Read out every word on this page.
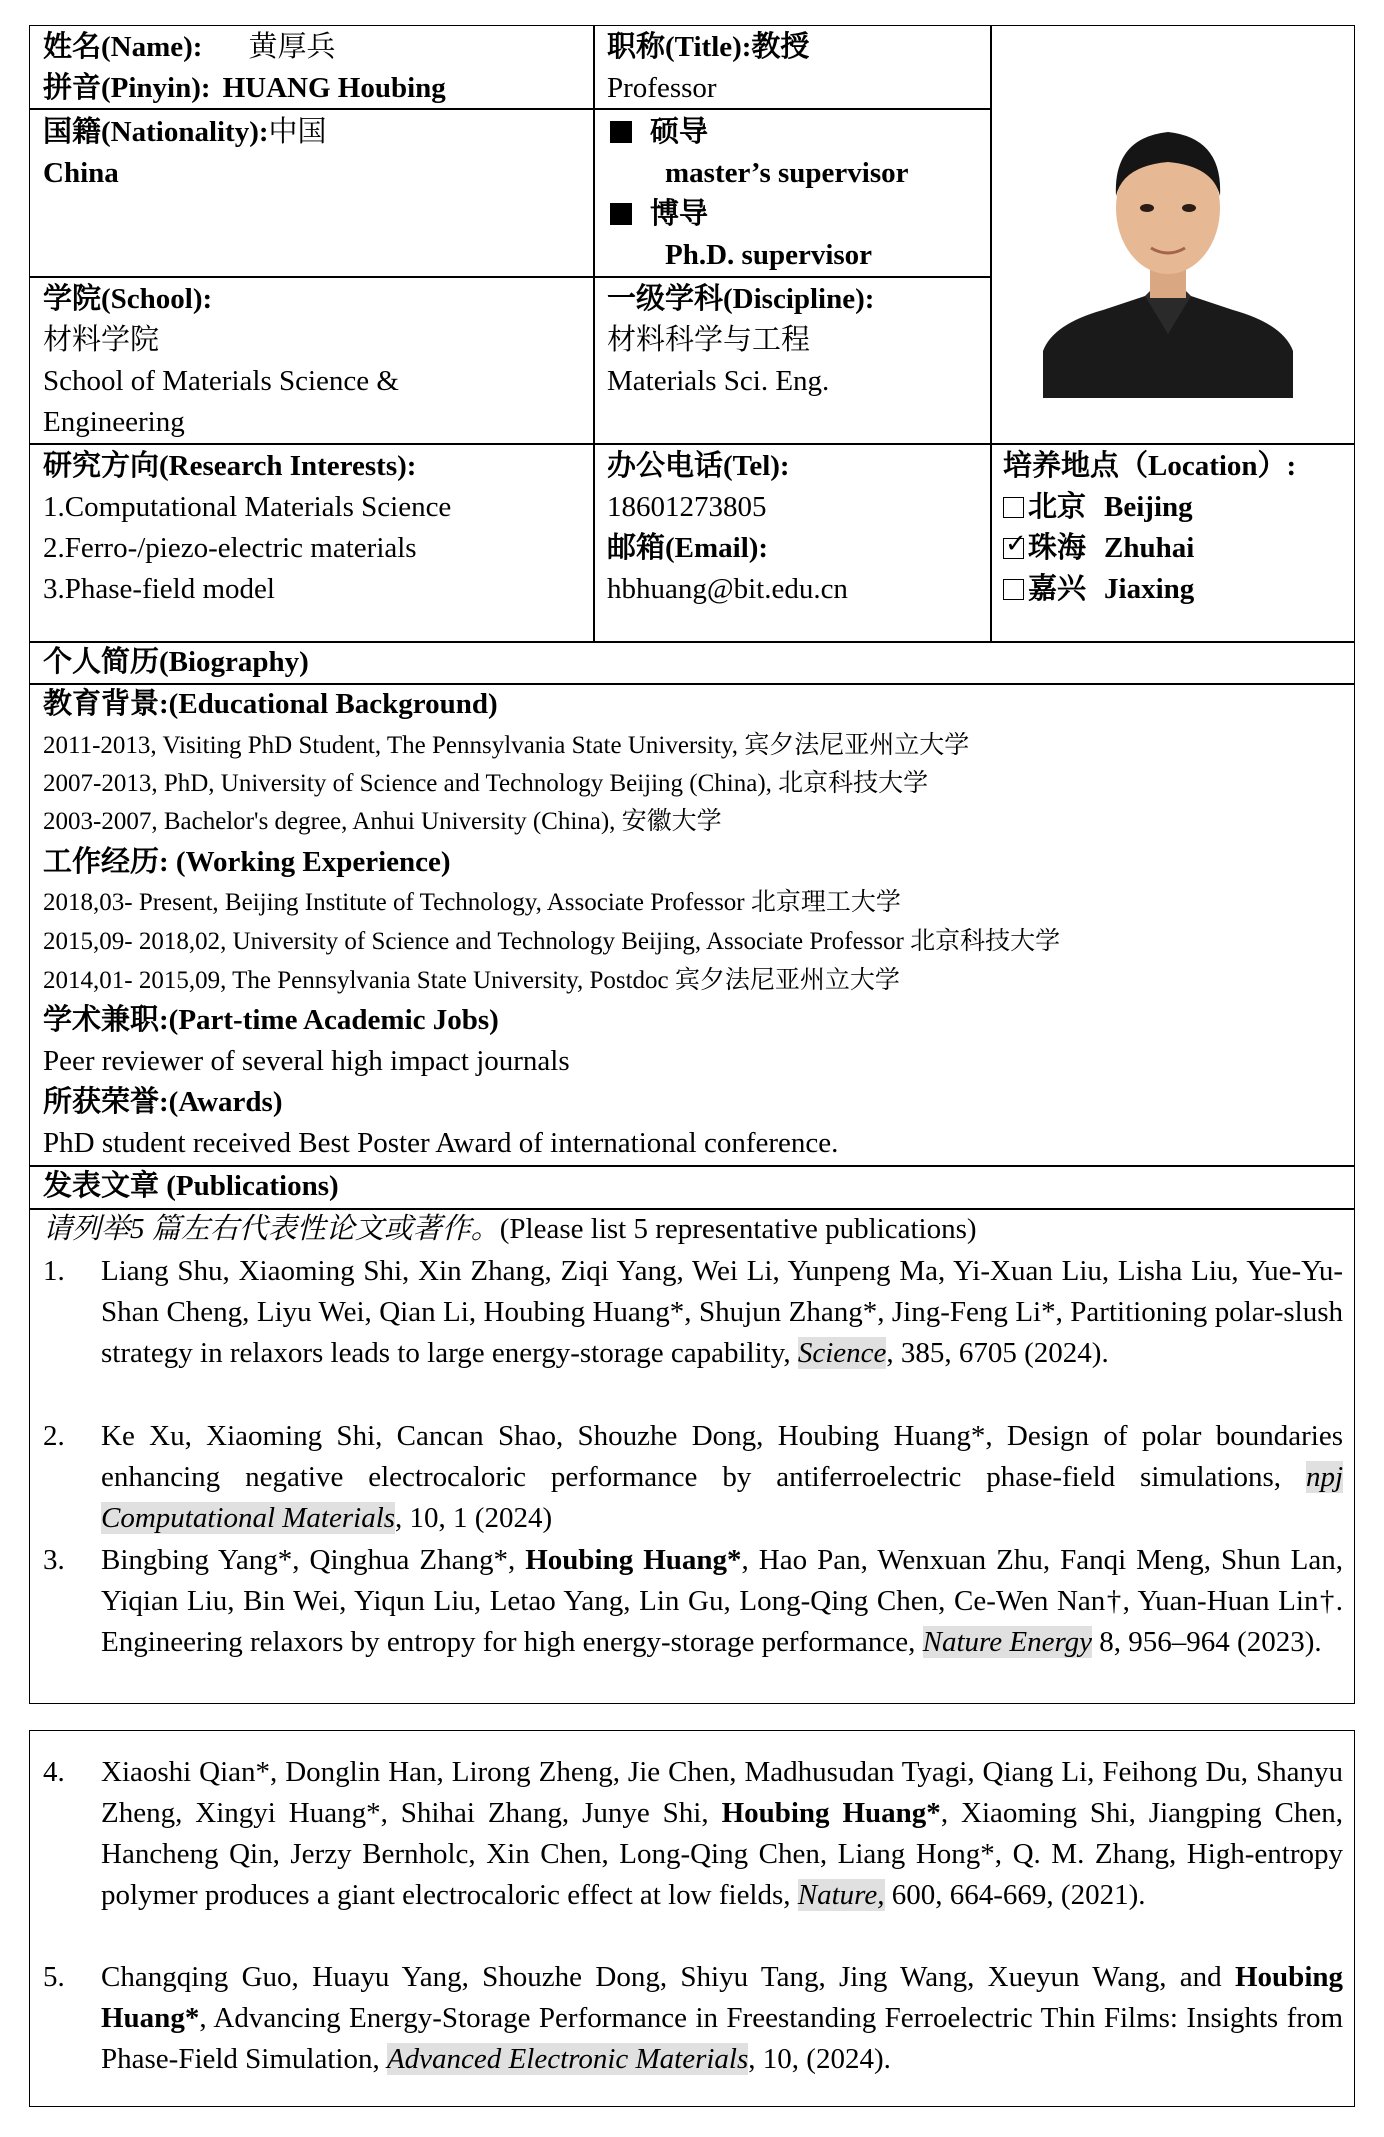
姓名(Name): 黄厚兵
拼音(Pinyin): HUANG Houbing
职称(Title):教授
Professor
国籍(Nationality):中国
China
硕导
master’s supervisor
博导
Ph.D. supervisor
学院(School):
材料学院
School of Materials Science &
Engineering
一级学科(Discipline):
材料科学与工程
Materials Sci. Eng.
研究方向(Research Interests):
1.Computational Materials Science
2.Ferro-/piezo-electric materials
3.Phase-field model
办公电话(Tel):
18601273805
邮箱(Email):
hbhuang@bit.edu.cn
培养地点（Location）:
北京 Beijing
✓ 珠海 Zhuhai
嘉兴 Jiaxing
个人简历(Biography)
教育背景:(Educational Background)
2011-2013, Visiting PhD Student, The Pennsylvania State University, 宾夕法尼亚州立大学
2007-2013, PhD, University of Science and Technology Beijing (China), 北京科技大学
2003-2007, Bachelor's degree, Anhui University (China), 安徽大学
工作经历: (Working Experience)
2018,03- Present, Beijing Institute of Technology, Associate Professor 北京理工大学
2015,09- 2018,02, University of Science and Technology Beijing, Associate Professor 北京科技大学
2014,01- 2015,09, The Pennsylvania State University, Postdoc 宾夕法尼亚州立大学
学术兼职:(Part-time Academic Jobs)
Peer reviewer of several high impact journals
所获荣誉:(Awards)
PhD student received Best Poster Award of international conference.
发表文章 (Publications)
请列举5 篇左右代表性论文或著作。(Please list 5 representative publications)
1.	Liang Shu, Xiaoming Shi, Xin Zhang, Ziqi Yang, Wei Li, Yunpeng Ma, Yi-Xuan Liu, Lisha Liu, Yue-Yu-Shan Cheng, Liyu Wei, Qian Li, Houbing Huang*, Shujun Zhang*, Jing-Feng Li*, Partitioning polar-slush strategy in relaxors leads to large energy-storage capability, Science, 385, 6705 (2024).
2.	Ke Xu, Xiaoming Shi, Cancan Shao, Shouzhe Dong, Houbing Huang*, Design of polar boundaries enhancing negative electrocaloric performance by antiferroelectric phase-field simulations, npj Computational Materials, 10, 1 (2024)
3.	Bingbing Yang*, Qinghua Zhang*, Houbing Huang*, Hao Pan, Wenxuan Zhu, Fanqi Meng, Shun Lan, Yiqian Liu, Bin Wei, Yiqun Liu, Letao Yang, Lin Gu, Long-Qing Chen, Ce-Wen Nan†, Yuan-Huan Lin†. Engineering relaxors by entropy for high energy-storage performance, Nature Energy 8, 956–964 (2023).
4.	Xiaoshi Qian*, Donglin Han, Lirong Zheng, Jie Chen, Madhusudan Tyagi, Qiang Li, Feihong Du, Shanyu Zheng, Xingyi Huang*, Shihai Zhang, Junye Shi, Houbing Huang*, Xiaoming Shi, Jiangping Chen, Hancheng Qin, Jerzy Bernholc, Xin Chen, Long-Qing Chen, Liang Hong*, Q. M. Zhang, High-entropy polymer produces a giant electrocaloric effect at low fields, Nature, 600, 664-669, (2021).
5.	Changqing Guo, Huayu Yang, Shouzhe Dong, Shiyu Tang, Jing Wang, Xueyun Wang, and Houbing Huang*, Advancing Energy-Storage Performance in Freestanding Ferroelectric Thin Films: Insights from Phase-Field Simulation, Advanced Electronic Materials, 10, (2024).
